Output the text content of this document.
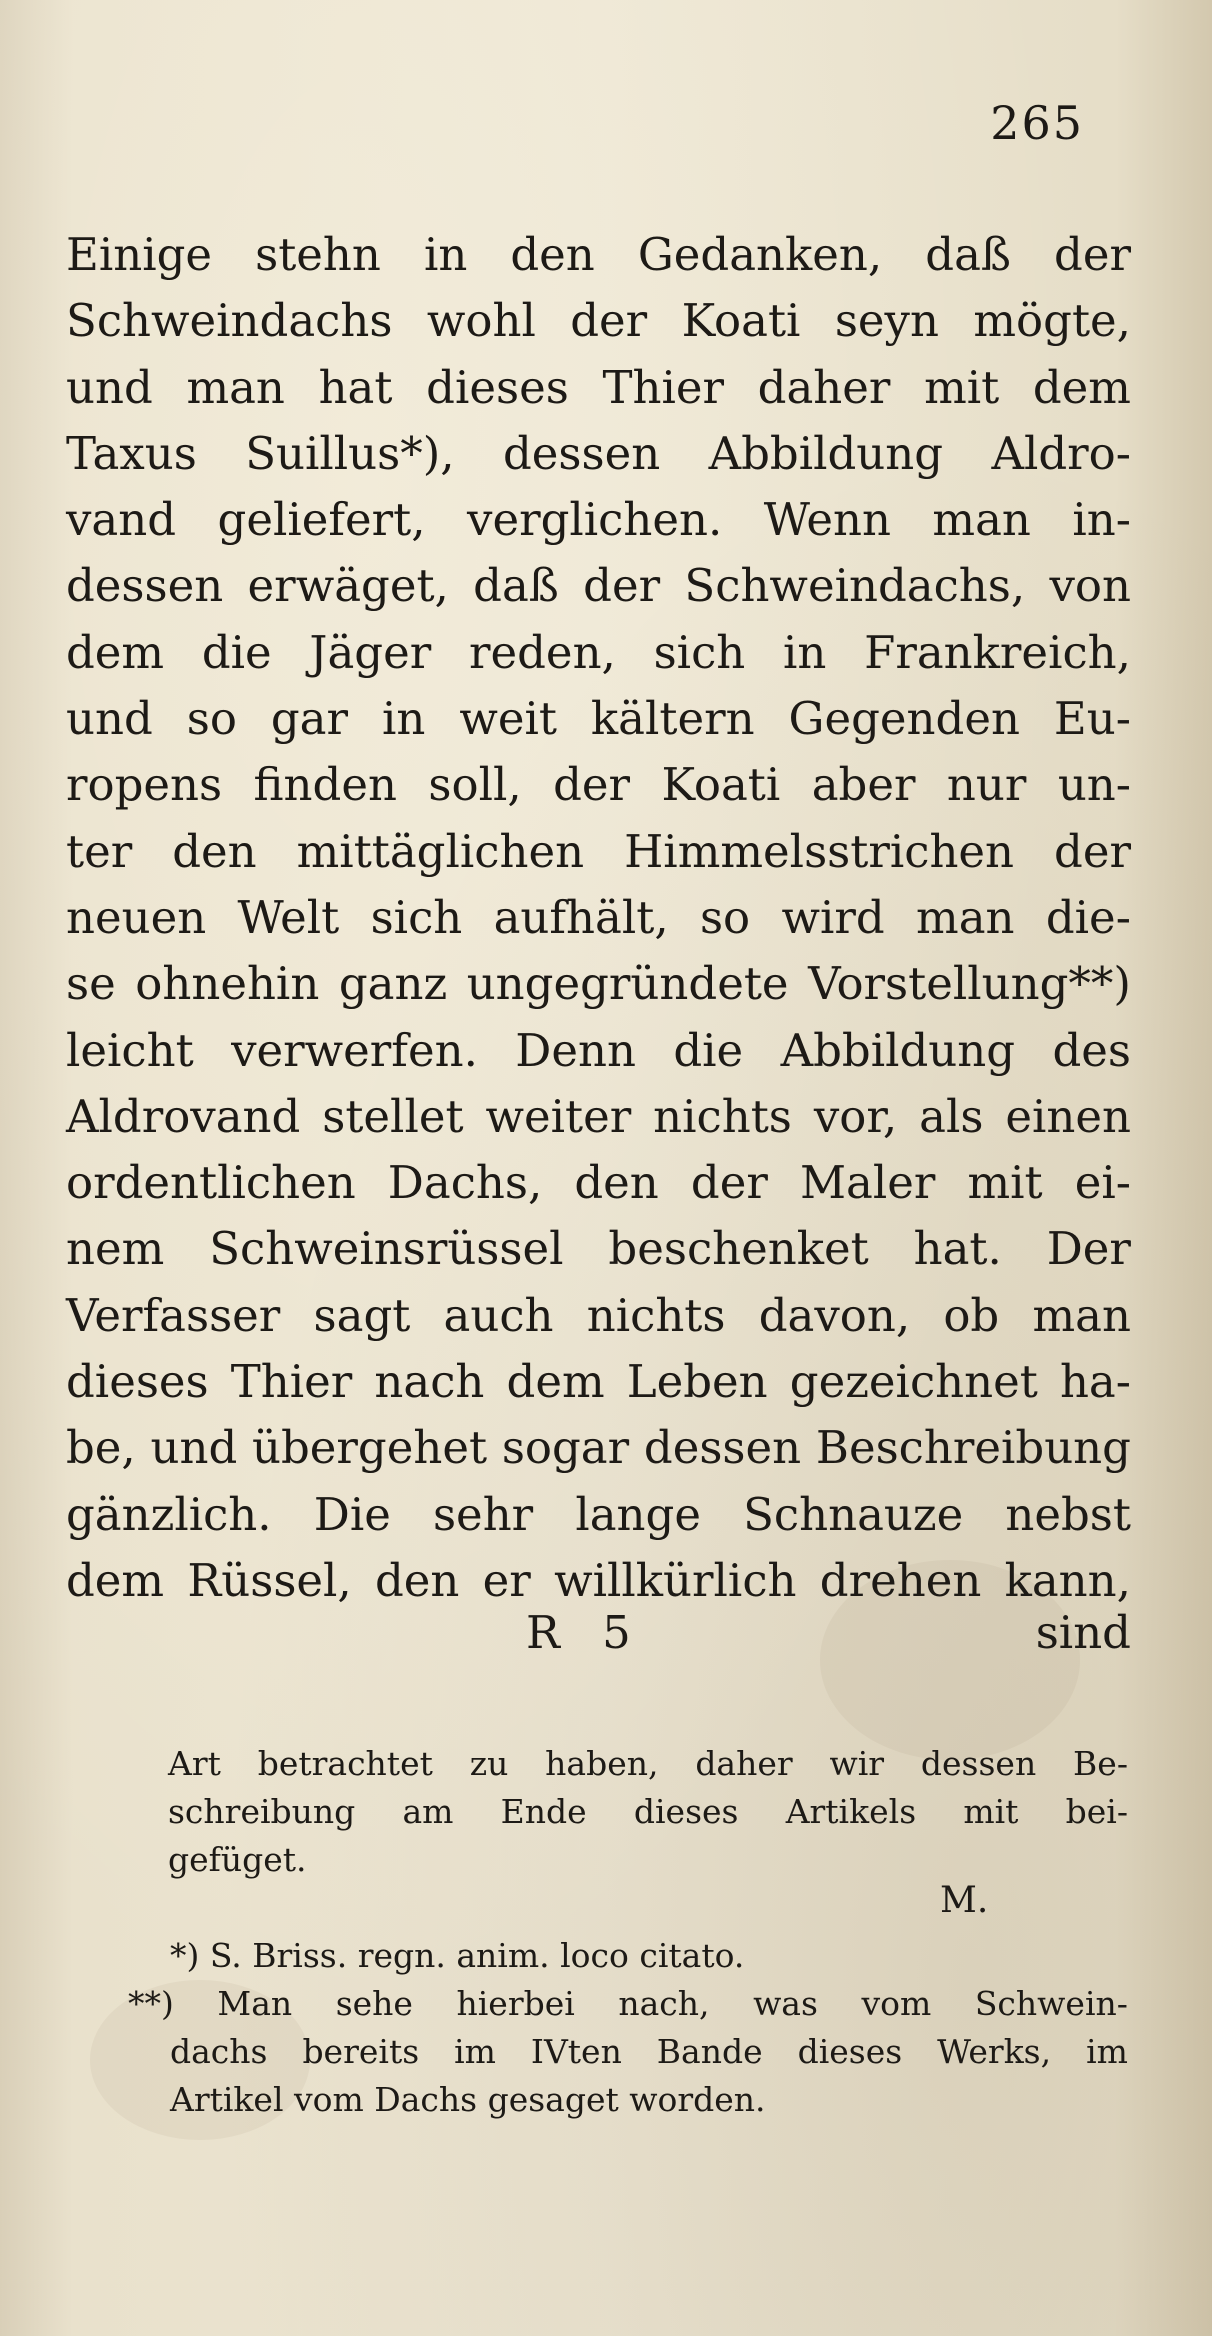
265
Einige stehn in den Gedanken, daß der
Schweindachs wohl der Koati seyn mögte,
und man hat dieses Thier daher mit dem
Taxus Suillus*), dessen Abbildung Aldro-
vand geliefert, verglichen. Wenn man in-
dessen erwäget, daß der Schweindachs, von
dem die Jäger reden, sich in Frankreich,
und so gar in weit kältern Gegenden Eu-
ropens finden soll, der Koati aber nur un-
ter den mittäglichen Himmelsstrichen der
neuen Welt sich aufhält, so wird man die-
se ohnehin ganz ungegründete Vorstellung**)
leicht verwerfen. Denn die Abbildung des
Aldrovand stellet weiter nichts vor, als einen
ordentlichen Dachs, den der Maler mit ei-
nem Schweinsrüssel beschenket hat. Der
Verfasser sagt auch nichts davon, ob man
dieses Thier nach dem Leben gezeichnet ha-
be, und übergehet sogar dessen Beschreibung
gänzlich. Die sehr lange Schnauze nebst
dem Rüssel, den er willkürlich drehen kann,
R 5	sind
Art betrachtet zu haben, daher wir dessen Be-
schreibung am Ende dieses Artikels mit bei-
gefüget.
M.
*) S. Briss. regn. anim. loco citato.
**) Man sehe hierbei nach, was vom Schwein-
dachs bereits im IVten Bande dieses Werks, im
Artikel vom Dachs gesaget worden.
